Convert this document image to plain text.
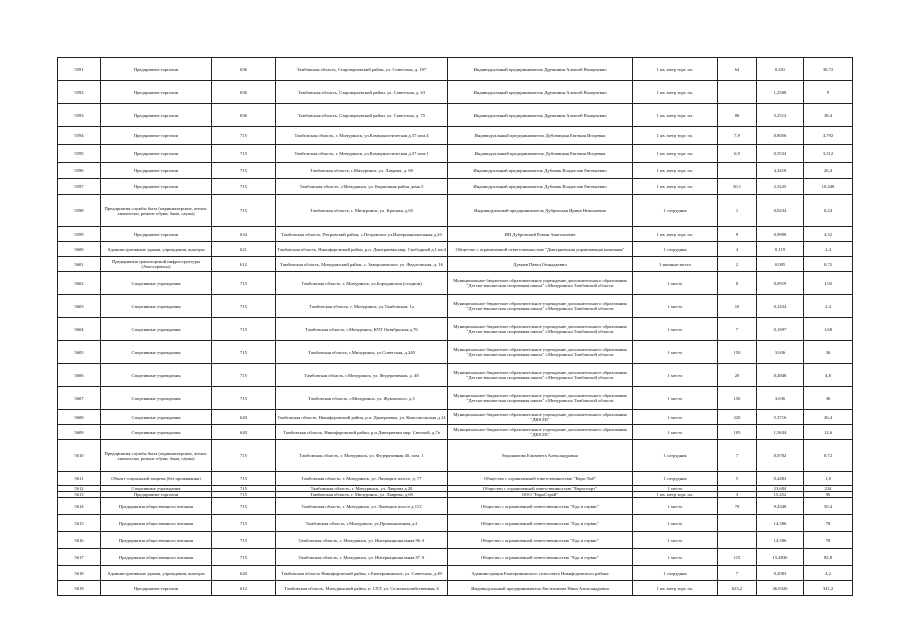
5591	Предприятие торговли	636	Тамбовская область, Староюрьевский район, ул. Советская, д. 107	Индивидуальный предприниматель Дружинин Алексей Валерьевич	1 кв. метр торг. пл.	64	0,201	30,72
5592	Предприятие торговли	636	Тамбовская область, Староюрьевский район, ул. Советская, д. 63	Индивидуальный предприниматель Дружинин Алексей Валерьевич	1 кв. метр торг. пл.		1,2508	9
5593	Предприятие торговли	636	Тамбовская область, Староюрьевский район, ул. Советская, д. 75	Индивидуальный предприниматель Дружинин Алексей Валерьевич	1 кв. метр торг. пл.	80	5,2512	38,4
5594	Предприятие торговли	715	Тамбовская область, г. Мичуринск, ул.Коммунистическая д.37 пом.4	Индивидуальный предприниматель Дубовицкая Евгения Игоревна	1 кв. метр торг. пл.	7,9	0,8056	3,792
5595	Предприятие торговли	715	Тамбовская область, г. Мичуринск, ул.Коммунистическая д.37 пом.1	Индивидуальный предприниматель Дубовицкая Евгения Игоревна	1 кв. метр торг. пл.	6,9	0,5534	3,312
5596	Предприятие торговли	715	Тамбовская область, г.Мичуринск, ул. Лаврова, д. 69	Индивидуальный предприниматель Дубовик Владислав Евгеньевич	1 кв. метр торг. пл.		4,3418	26,4
5597	Предприятие торговли	715	Тамбовская область, г.Мичуринск, ул. Кирпичная район дома 5	Индивидуальный предприниматель Дубовик Владислав Евгеньевич	1 кв. метр торг. пл.	50,1	2,5225	10,448
5598	Предприятия службы быта (парикмахерские, ателье, химчистки, ремонт обуви, бани, сауны)	715	Тамбовская область, г. Мичуринск, ул. Красная, д.65	Индивидуальный предприниматель Дубровская Ирина Николаевна	1 сотрудник	1	0,0234	0,24
5599	Предприятие торговли	634	Тамбовская область, Петровский район, с.Петровское ул.Интернациональная д.2б	ИП Дубровский Роман Анатольевич	1 кв. метр торг. пл.	9	0,9998	4,32
5600	Административные здания, учреждения, конторы	621	Тамбовская область, Никифоровский район, р.п. Дмитриевка,мкр. Свободный д.1 кв.4	Общество с ограниченной ответственностью "Дмитриевская управляющая компания"	1 сотрудник	4	0,119	2,4
5601	Предприятия транспортной инфраструктуры (Автосервисы)	612	Тамбовская область, Мичуринский район, с. Заворонежское, ул. Федотовская, д. 16	Думаев Павел Геннадьевич	1 машино-место	2	0,085	0,72
5602	Спортивные учреждения	715	Тамбовская область, г. Мичуринск, ул.Бородинская (стадион)	Муниципальное бюджетное образовательное учреждение дополнительного образования "Детско-юношеская спортивная школа" г.Мичуринска Тамбовской области	1 место	8	0,0919	1,92
5603	Спортивные учреждения	715	Тамбовская область, г. Мичуринск, ул.Тамбовская, 1а	Муниципальное бюджетное образовательное учреждение дополнительного образования "Детско-юношеская спортивная школа" г.Мичуринска Тамбовской области	1 место	10	0,2434	2,4
5604	Спортивные учреждения	715	Тамбовская область, г.Мичуринск, КЧТ Октябрьская д.76	Муниципальное бюджетное образовательное учреждение дополнительного образования "Детско-юношеская спортивная школа" г.Мичуринска Тамбовской области	1 место	7	0,1697	1,68
5605	Спортивные учреждения	715	Тамбовская область, г.Мичуринск, ул.Советская, д.240	Муниципальное бюджетное образовательное учреждение дополнительного образования "Детско-юношеская спортивная школа" г.Мичуринска Тамбовской области	1 место	150	3,636	36
5606	Спортивные учреждения	715	Тамбовская область, г.Мичуринск, ул. Федеративная, д. 48	Муниципальное бюджетное образовательное учреждение дополнительного образования "Детско-юношеская спортивная школа" г.Мичуринска Тамбовской области	1 место	20	0,4848	4,8
5607	Спортивные учреждения	715	Тамбовская область, г.Мичуринск, ул. Жуковского, д.3	Муниципальное бюджетное образовательное учреждение дополнительного образования "Детско-юношеская спортивная школа" г.Мичуринска Тамбовской области	1 место	150	3,636	36
5608	Спортивные учреждения	620	Тамбовская область, Никифоровский район, р.п. Дмитриевка, ул. Комсомольская д.14	Муниципальное бюджетное образовательное учреждение дополнительного образования "ДЮСШ"	1 место	220	5,3716	26,4
5609	Спортивные учреждения	620	Тамбовская область, Никифоровский район, р.п.Дмитриевка мкр. Светлый, д.7а	Муниципальное бюджетное образовательное учреждение дополнительного образования "ДЮСШ"	1 место	105	1,5634	12,6
5610	Предприятия службы быта (парикмахерские, ателье, химчистки, ремонт обуви, бани, сауны)	715	Тамбовская область, г. Мичуринск, ул. Федеративная 40, пом. 1	Евдокимова Елизавета Александровна	1 сотрудник	7	0,0702	0,72
5611	Объект социальной защиты (без проживания)	715	Тамбовская область, г. Мичуринск, ул. Липецкое шоссе, д. 77	Общество с ограниченной ответственностью "Евро-Лаб"	1 сотрудник	5	0,4483	1,8
5612	Спортивные учреждения	715	Тамбовская область, г. Мичуринск, ул. Лаврова д.28	Общество с ограниченной ответственностью "Евроспорт"	1 место		23,684	234
5613	Предприятие торговли	715	Тамбовская область, г. Мичуринск, ул. Лаврова, д.69	ООО "ЕвроСтрой"	1 кв. метр торг. пл.	3	15,452	96
5614	Предприятия общественного питания	715	Тамбовская область, г. Мичуринск, ул. Липецкое шоссе д.113	Общество с ограниченной ответственностью "Еда и сервис"	1 место	70	9,4348	50,4
5615	Предприятия общественного питания	715	Тамбовская область, г.Мичуринск, ул.Промышленная д.2	Общество с ограниченной ответственностью "Еда и сервис"	1 место		14,586	78
5616	Предприятия общественного питания	715	Тамбовская область, г. Мичуринск, ул. Интернациональная 96 А	Общество с ограниченной ответственностью "Еда и сервис"	1 место		14,586	78
5617	Предприятия общественного питания	715	Тамбовская область, г. Мичуринск, ул. Интернациональная 87 А	Общество с ограниченной ответственностью "Еда и сервис"	1 место	115	15,4836	82,8
5618	Административные здания, учреждения, конторы	620	Тамбовская область Никифоровский район, с.Екатерининское, ул. Советская, д.49	Администрация Екатерининского сельсовета Никифоровского района	1 сотрудник	7	0,2083	4,2
5619	Предприятие торговли	612	Тамбовская область, Мичуринский район, п. СХТ, ул. Сельскохозяйственная, 6	Индивидуальный предприниматель Евстигнеева Нина Александровна	1 кв. метр торг. пл.	623,2	46,9326	341,2
